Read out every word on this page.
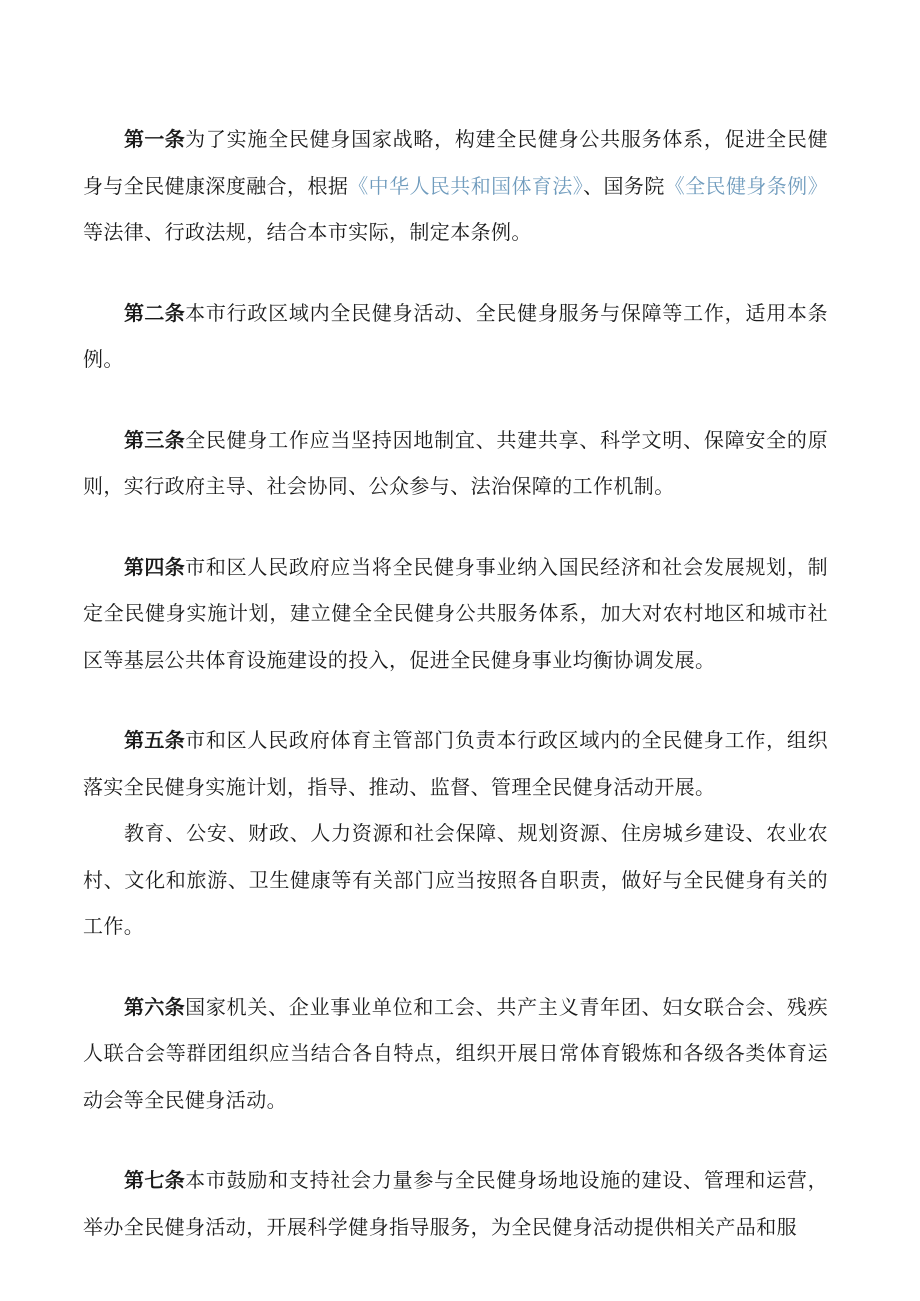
第一条为了实施全民健身国家战略，构建全民健身公共服务体系，促进全民健身与全民健康深度融合，根据《中华人民共和国体育法》、国务院《全民健身条例》等法律、行政法规，结合本市实际，制定本条例。

第二条本市行政区域内全民健身活动、全民健身服务与保障等工作，适用本条例。

第三条全民健身工作应当坚持因地制宜、共建共享、科学文明、保障安全的原则，实行政府主导、社会协同、公众参与、法治保障的工作机制。

第四条市和区人民政府应当将全民健身事业纳入国民经济和社会发展规划，制定全民健身实施计划，建立健全全民健身公共服务体系，加大对农村地区和城市社区等基层公共体育设施建设的投入，促进全民健身事业均衡协调发展。

第五条市和区人民政府体育主管部门负责本行政区域内的全民健身工作，组织落实全民健身实施计划，指导、推动、监督、管理全民健身活动开展。

教育、公安、财政、人力资源和社会保障、规划资源、住房城乡建设、农业农村、文化和旅游、卫生健康等有关部门应当按照各自职责，做好与全民健身有关的工作。

第六条国家机关、企业事业单位和工会、共产主义青年团、妇女联合会、残疾人联合会等群团组织应当结合各自特点，组织开展日常体育锻炼和各级各类体育运动会等全民健身活动。

第七条本市鼓励和支持社会力量参与全民健身场地设施的建设、管理和运营，举办全民健身活动，开展科学健身指导服务，为全民健身活动提供相关产品和服
